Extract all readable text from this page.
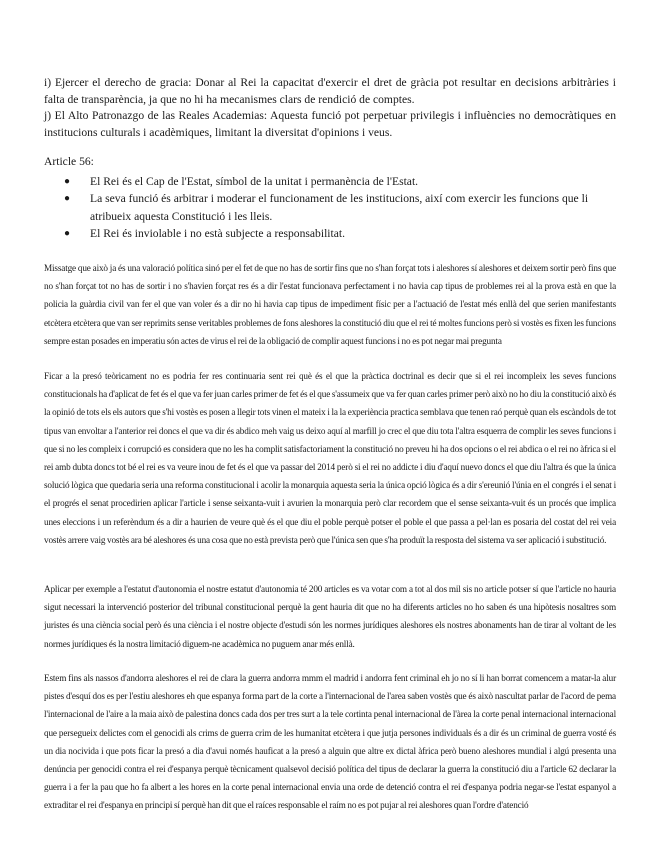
i) Ejercer el derecho de gracia: Donar al Rei la capacitat d'exercir el dret de gràcia pot resultar en decisions arbitràries i falta de transparència, ja que no hi ha mecanismes clars de rendició de comptes.

j) El Alto Patronazgo de las Reales Academias: Aquesta funció pot perpetuar privilegis i influències no democràtiques en institucions culturals i acadèmiques, limitant la diversitat d'opinions i veus.

Article 56:

●	El Rei és el Cap de l'Estat, símbol de la unitat i permanència de l'Estat.
●	La seva funció és arbitrar i moderar el funcionament de les institucions, així com exercir les funcions que li atribueix aquesta Constitució i les lleis.
●	El Rei és inviolable i no està subjecte a responsabilitat.

Missatge que això ja és una valoració política sinó per el fet de que no has de sortir fins que no s'han forçat tots i aleshores sí aleshores et deixem sortir però fins que no s'han forçat tot no has de sortir i no s'havien forçat res és a dir l'estat funcionava perfectament i no havia cap tipus de problemes rei al la prova està en que la policia la guàrdia civil van fer el que van voler és a dir no hi havia cap tipus de impediment físic per a l'actuació de l'estat més enllà del que serien manifestants etcètera etcètera que van ser reprimits sense veritables problemes de fons aleshores la constitució diu que el rei té moltes funcions però si vostès es fixen les funcions sempre estan posades en imperatiu són actes de virus el rei de la obligació de complir aquest funcions i no es pot negar mai pregunta

Ficar a la presó teòricament no es podria fer res continuaria sent rei què és el que la pràctica doctrinal es decir que si el rei incompleix les seves funcions constitucionals ha d'aplicat de fet és el que va fer juan carles primer de fet és el que s'assumeix que va fer quan carles primer però això no ho diu la constitució això és la opinió de tots els els autors que s'hi vostès es posen a llegir tots vinen el mateix i la la experiència practica semblava que tenen raó perquè quan els escàndols de tot tipus van envoltar a l'anterior rei doncs el que va dir és abdico meh vaig us deixo aquí al marfill jo crec el que diu tota l'altra esquerra de complir les seves funcions i que si no les compleix i corrupció es considera que no les ha complit satisfactoriament la constitució no preveu hi ha dos opcions o el rei abdica o el rei no àfrica si el rei amb dubta doncs tot bé el rei es va veure inou de fet és el que va passar del 2014 però si el rei no addicte i diu d'aquí nuevo doncs el que diu l'altra és que la única solució lògica que quedaria seria una reforma constitucional i acolir la monarquia aquesta seria la única opció lògica és a dir s'ereunió l'únia en el congrés i el senat i el progrés el senat procedirien aplicar l'article i sense seixanta-vuit i avurien la monarquia però clar recordem que el sense seixanta-vuit és un procés que implica unes eleccions i un referèndum és a dir a haurien de veure què és el que diu el poble perquè potser el poble el que passa a pel·lan es posaria del costat del rei veia vostès arrere vaig vostès ara bé aleshores és una cosa que no està prevista però que l'única sen que s'ha produït la resposta del sistema va ser aplicació i substitució.

Aplicar per exemple a l'estatut d'autonomia el nostre estatut d'autonomia té 200 articles es va votar com a tot al dos mil sis no article potser sí que l'article no hauria sigut necessari la intervenció posterior del tribunal constitucional perquè la gent hauria dit que no ha diferents articles no ho saben és una hipòtesis nosaltres som juristes és una ciència social però és una ciència i el nostre objecte d'estudi són les normes jurídiques aleshores els nostres abonaments han de tirar al voltant de les normes jurídiques és la nostra limitació diguem-ne acadèmica no puguem anar més enllà.

Estem fins als nassos d'andorra aleshores el rei de clara la guerra andorra mmm el madrid i andorra fent criminal eh jo no sí li han borrat comencem a matar-la alur pistes d'esquí dos es per l'estiu aleshores eh que espanya forma part de la corte a l'internacional de l'area saben vostès que és això nascultat parlar de l'acord de pema l'internacional de l'aire a la maia això de palestina doncs cada dos per tres surt a la tele cortinta penal internacional de l'àrea la corte penal internacional internacional que persegueix delictes com el genocidi als crims de guerra crim de les humanitat etcètera i que jutja persones individuals és a dir és un criminal de guerra vosté és un dia nocivida i que pots ficar la presó a dia d'avui només hauficat a la presó a alguin que altre ex dictal àfrica però bueno aleshores mundial i algú presenta una denúncia per genocidi contra el rei d'espanya perquè tècnicament qualsevol decisió política del tipus de declarar la guerra la constitució diu a l'article 62 declarar la guerra i a fer la pau que ho fa albert a les hores en la corte penal internacional envia una orde de detenció contra el rei d'espanya podria negar-se l'estat espanyol a extraditar el rei d'espanya en principi sí perquè han dit que el raíces responsable el raím no es pot pujar al rei aleshores quan l'ordre d'atenció
